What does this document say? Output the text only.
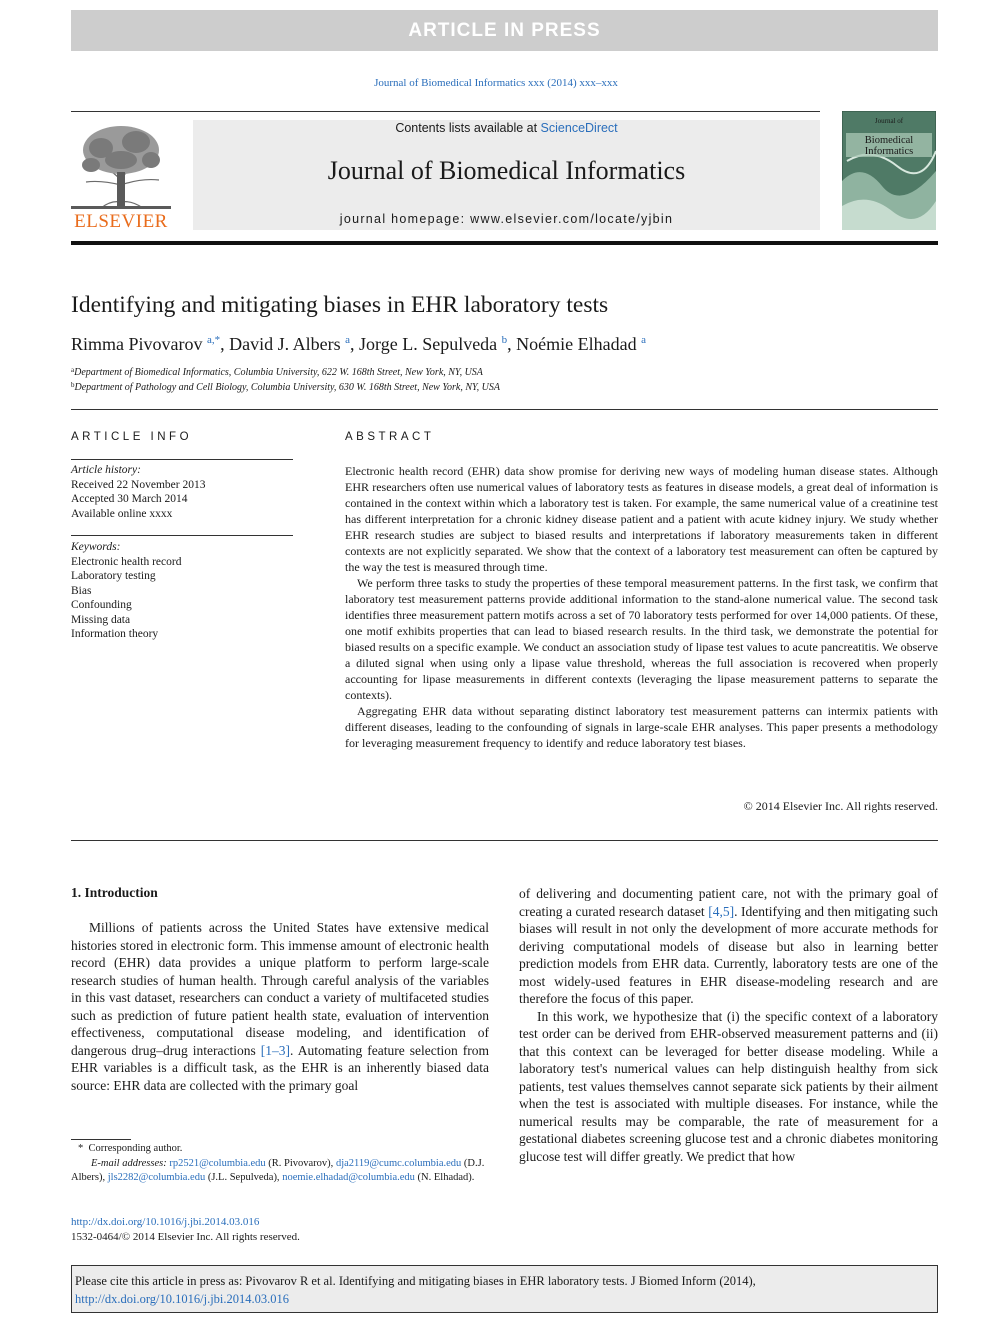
ARTICLE IN PRESS
Journal of Biomedical Informatics xxx (2014) xxx–xxx
ELSEVIER
Contents lists available at ScienceDirect
Journal of Biomedical Informatics
journal homepage: www.elsevier.com/locate/yjbin
Journal of
Biomedical
Informatics
Identifying and mitigating biases in EHR laboratory tests
Rimma Pivovarov $^{a,*}$, David J. Albers $^a$, Jorge L. Sepulveda $^b$, Noémie Elhadad $^a$
$^a$Department of Biomedical Informatics, Columbia University, 622 W. 168th Street, New York, NY, USA
$^b$Department of Pathology and Cell Biology, Columbia University, 630 W. 168th Street, New York, NY, USA
ARTICLE INFO
Article history:
Received 22 November 2013
Accepted 30 March 2014
Available online xxxx
Keywords:
Electronic health record
Laboratory testing
Bias
Confounding
Missing data
Information theory
ABSTRACT

Electronic health record (EHR) data show promise for deriving new ways of modeling human disease states. Although EHR researchers often use numerical values of laboratory tests as features in disease models, a great deal of information is contained in the context within which a laboratory test is taken. For example, the same numerical value of a creatinine test has different interpretation for a chronic kidney disease patient and a patient with acute kidney injury. We study whether EHR research studies are subject to biased results and interpretations if laboratory measurements taken in different contexts are not explicitly separated. We show that the context of a laboratory test measurement can often be captured by the way the test is measured through time.

We perform three tasks to study the properties of these temporal measurement patterns. In the first task, we confirm that laboratory test measurement patterns provide additional information to the stand-alone numerical value. The second task identifies three measurement pattern motifs across a set of 70 laboratory tests performed for over 14,000 patients. Of these, one motif exhibits properties that can lead to biased research results. In the third task, we demonstrate the potential for biased results on a specific example. We conduct an association study of lipase test values to acute pancreatitis. We observe a diluted signal when using only a lipase value threshold, whereas the full association is recovered when properly accounting for lipase measurements in different contexts (leveraging the lipase measurement patterns to separate the contexts).

Aggregating EHR data without separating distinct laboratory test measurement patterns can intermix patients with different diseases, leading to the confounding of signals in large-scale EHR analyses. This paper presents a methodology for leveraging measurement frequency to identify and reduce laboratory test biases.

© 2014 Elsevier Inc. All rights reserved.
1. Introduction

Millions of patients across the United States have extensive medical histories stored in electronic form. This immense amount of electronic health record (EHR) data provides a unique platform to perform large-scale research studies of human health. Through careful analysis of the variables in this vast dataset, researchers can conduct a variety of multifaceted studies such as prediction of future patient health state, evaluation of intervention effectiveness, computational disease modeling, and identification of dangerous drug–drug interactions [1–3]. Automating feature selection from EHR variables is a difficult task, as the EHR is an inherently biased data source: EHR data are collected with the primary goal

of delivering and documenting patient care, not with the primary goal of creating a curated research dataset [4,5]. Identifying and then mitigating such biases will result in not only the development of more accurate methods for deriving computational models of disease but also in learning better prediction models from EHR data. Currently, laboratory tests are one of the most widely-used features in EHR disease-modeling research and are therefore the focus of this paper.

In this work, we hypothesize that (i) the specific context of a laboratory test order can be derived from EHR-observed measurement patterns and (ii) that this context can be leveraged for better disease modeling. While a laboratory test's numerical values can help distinguish healthy from sick patients, test values themselves cannot separate sick patients by their ailment when the test is associated with multiple diseases. For instance, while the numerical results may be comparable, the rate of measurement for a gestational diabetes screening glucose test and a chronic diabetes monitoring glucose test will differ greatly. We predict that how

* Corresponding author.
E-mail addresses: rp2521@columbia.edu (R. Pivovarov), dja2119@cumc.columbia.edu (D.J. Albers), jls2282@columbia.edu (J.L. Sepulveda), noemie.elhadad@columbia.edu (N. Elhadad).
http://dx.doi.org/10.1016/j.jbi.2014.03.016
1532-0464/© 2014 Elsevier Inc. All rights reserved.
Please cite this article in press as: Pivovarov R et al. Identifying and mitigating biases in EHR laboratory tests. J Biomed Inform (2014), http://dx.doi.org/10.1016/j.jbi.2014.03.016
